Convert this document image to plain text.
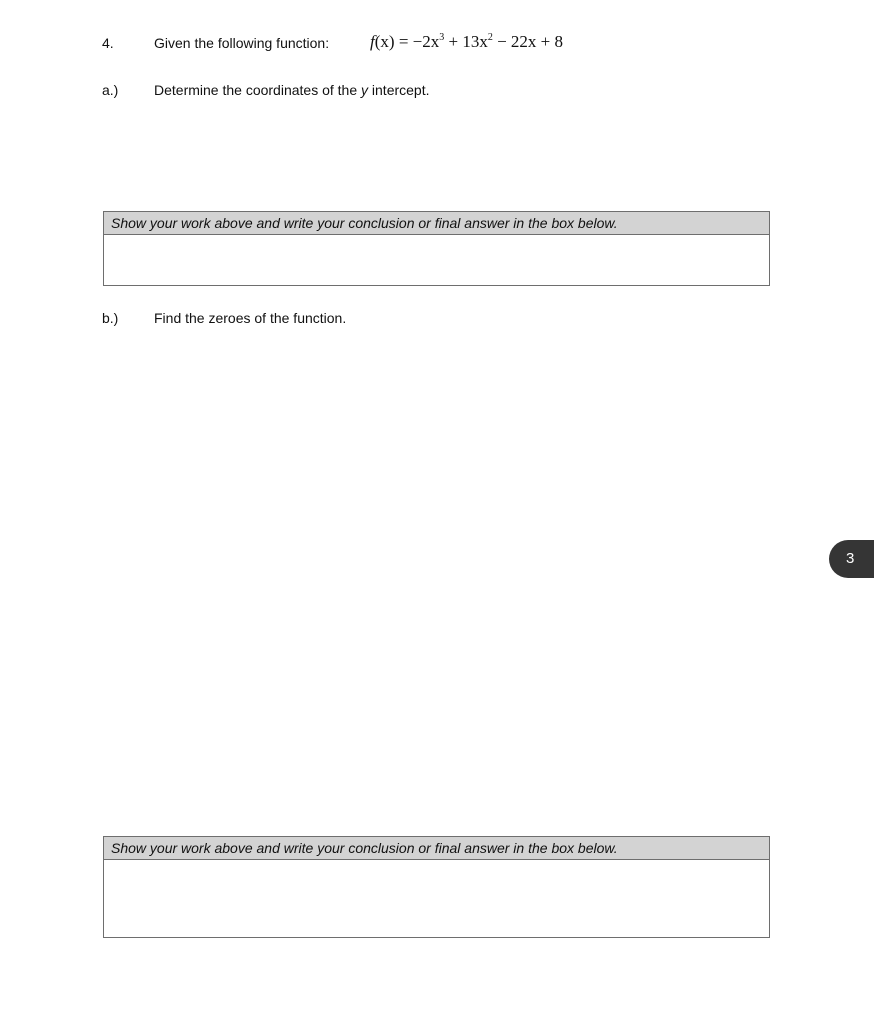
4.	Given the following function: $f(x) = -2x^3 + 13x^2 - 22x + 8$
a.)	Determine the coordinates of the y intercept.
Show your work above and write your conclusion or final answer in the box below.
b.)	Find the zeroes of the function.
3
Show your work above and write your conclusion or final answer in the box below.
